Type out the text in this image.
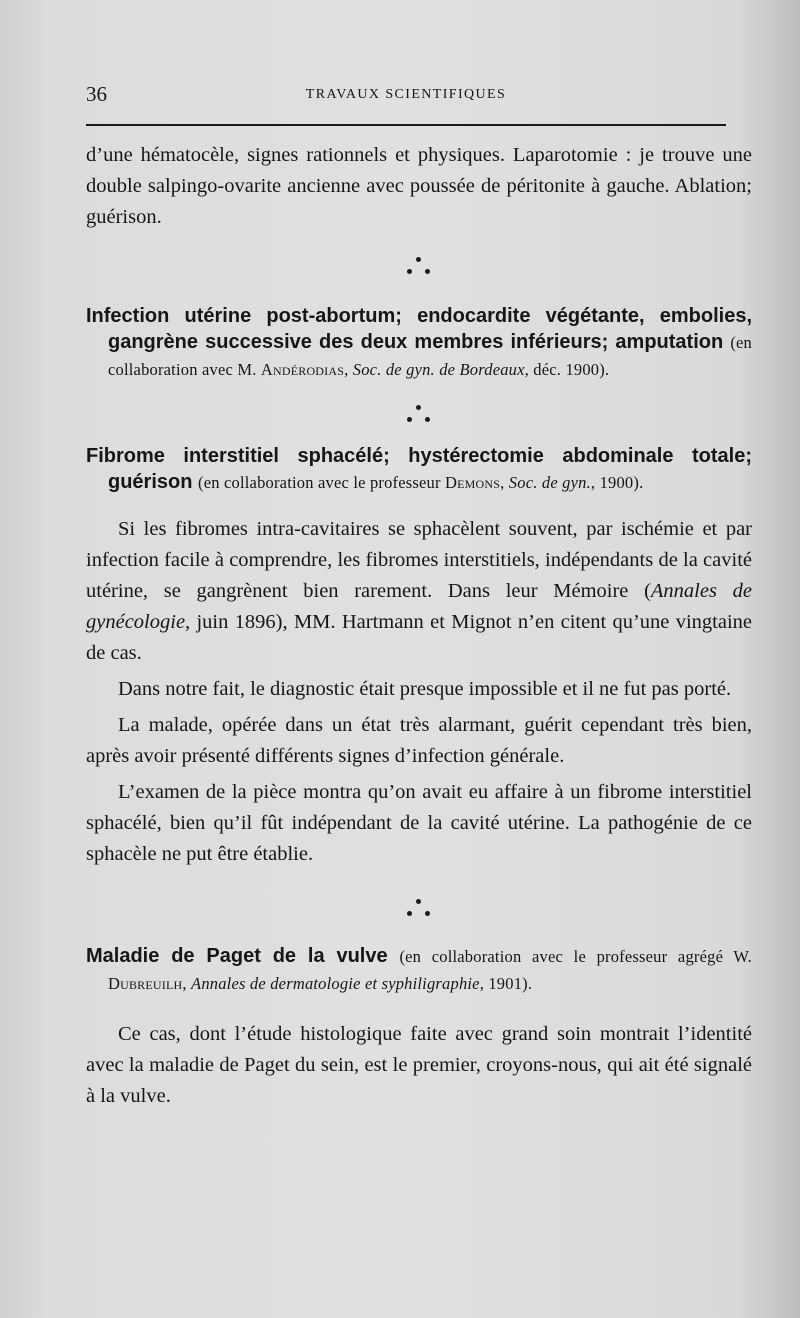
36	TRAVAUX SCIENTIFIQUES

d’une hématocèle, signes rationnels et physiques. Laparotomie : je trouve une double salpingo-ovarite ancienne avec poussée de péritonite à gauche. Ablation; guérison.

Infection utérine post-abortum; endocardite végétante, embolies, gangrène successive des deux membres inférieurs; amputation (en collaboration avec M. Andérodias, Soc. de gyn. de Bordeaux, déc. 1900).
Fibrome interstitiel sphacélé; hystérectomie abdominale totale; guérison (en collaboration avec le professeur Demons, Soc. de gyn., 1900).

Si les fibromes intra-cavitaires se sphacèlent souvent, par ischémie et par infection facile à comprendre, les fibromes interstitiels, indépendants de la cavité utérine, se gangrènent bien rarement. Dans leur Mémoire (Annales de gynécologie, juin 1896), MM. Hartmann et Mignot n’en citent qu’une vingtaine de cas.

Dans notre fait, le diagnostic était presque impossible et il ne fut pas porté.

La malade, opérée dans un état très alarmant, guérit cependant très bien, après avoir présenté différents signes d’infection générale.

L’examen de la pièce montra qu’on avait eu affaire à un fibrome interstitiel sphacélé, bien qu’il fût indépendant de la cavité utérine. La pathogénie de ce sphacèle ne put être établie.

Maladie de Paget de la vulve (en collaboration avec le professeur agrégé W. Dubreuilh, Annales de dermatologie et syphiligraphie, 1901).

Ce cas, dont l’étude histologique faite avec grand soin montrait l’identité avec la maladie de Paget du sein, est le premier, croyons-nous, qui ait été signalé à la vulve.
